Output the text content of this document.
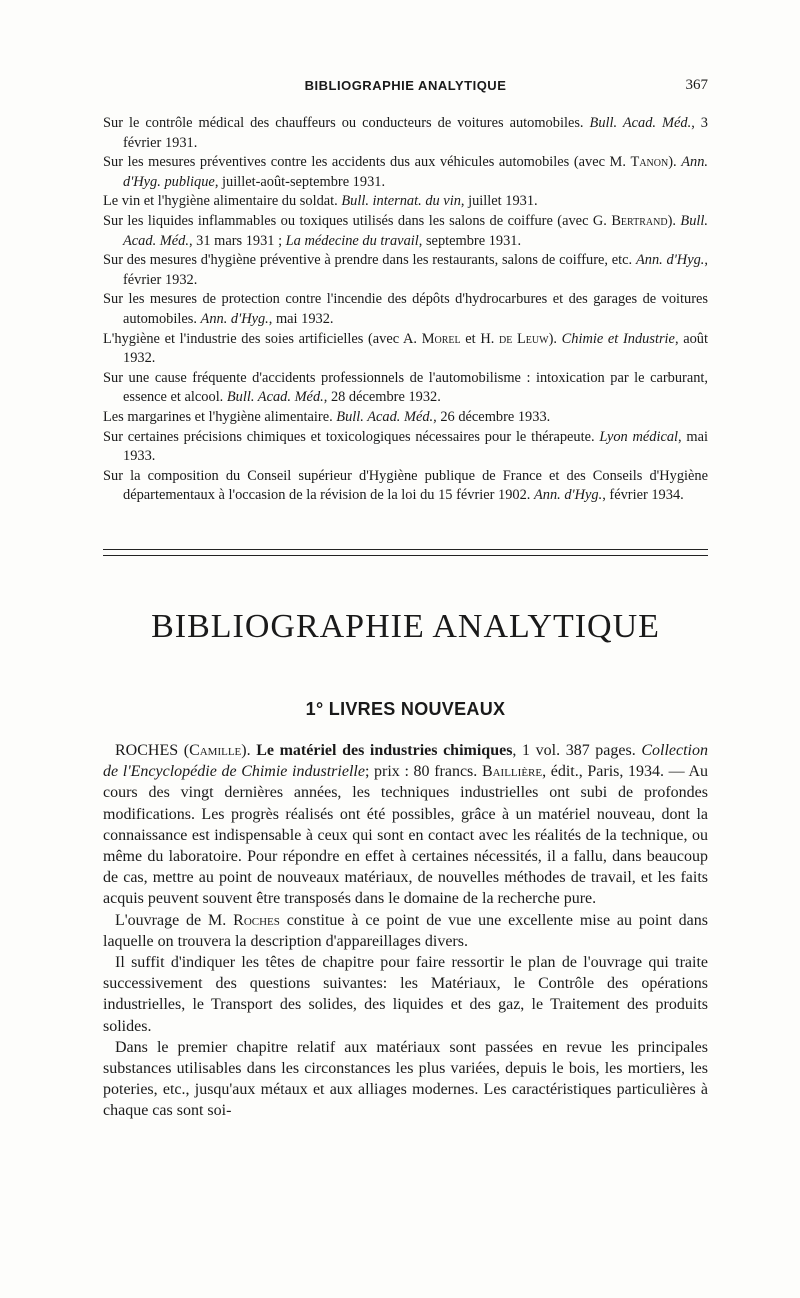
BIBLIOGRAPHIE ANALYTIQUE	367

Sur le contrôle médical des chauffeurs ou conducteurs de voitures automobiles. Bull. Acad. Méd., 3 février 1931.

Sur les mesures préventives contre les accidents dus aux véhicules automobiles (avec M. Tanon). Ann. d'Hyg. publique, juillet-août-septembre 1931.

Le vin et l'hygiène alimentaire du soldat. Bull. internat. du vin, juillet 1931.

Sur les liquides inflammables ou toxiques utilisés dans les salons de coiffure (avec G. Bertrand). Bull. Acad. Méd., 31 mars 1931 ; La médecine du travail, septembre 1931.

Sur des mesures d'hygiène préventive à prendre dans les restaurants, salons de coiffure, etc. Ann. d'Hyg., février 1932.

Sur les mesures de protection contre l'incendie des dépôts d'hydrocarbures et des garages de voitures automobiles. Ann. d'Hyg., mai 1932.

L'hygiène et l'industrie des soies artificielles (avec A. Morel et H. de Leuw). Chimie et Industrie, août 1932.

Sur une cause fréquente d'accidents professionnels de l'automobilisme : intoxication par le carburant, essence et alcool. Bull. Acad. Méd., 28 décembre 1932.

Les margarines et l'hygiène alimentaire. Bull. Acad. Méd., 26 décembre 1933.

Sur certaines précisions chimiques et toxicologiques nécessaires pour le thérapeute. Lyon médical, mai 1933.

Sur la composition du Conseil supérieur d'Hygiène publique de France et des Conseils d'Hygiène départementaux à l'occasion de la révision de la loi du 15 février 1902. Ann. d'Hyg., février 1934.

BIBLIOGRAPHIE ANALYTIQUE
1° LIVRES NOUVEAUX

ROCHES (Camille). Le matériel des industries chimiques, 1 vol. 387 pages. Collection de l'Encyclopédie de Chimie industrielle; prix : 80 francs. Baillière, édit., Paris, 1934. — Au cours des vingt dernières années, les techniques industrielles ont subi de profondes modifications. Les progrès réalisés ont été possibles, grâce à un matériel nouveau, dont la connaissance est indispensable à ceux qui sont en contact avec les réalités de la technique, ou même du laboratoire. Pour répondre en effet à certaines nécessités, il a fallu, dans beaucoup de cas, mettre au point de nouveaux matériaux, de nouvelles méthodes de travail, et les faits acquis peuvent souvent être transposés dans le domaine de la recherche pure.

L'ouvrage de M. Roches constitue à ce point de vue une excellente mise au point dans laquelle on trouvera la description d'appareillages divers.

Il suffit d'indiquer les têtes de chapitre pour faire ressortir le plan de l'ouvrage qui traite successivement des questions suivantes: les Matériaux, le Contrôle des opérations industrielles, le Transport des solides, des liquides et des gaz, le Traitement des produits solides.

Dans le premier chapitre relatif aux matériaux sont passées en revue les principales substances utilisables dans les circonstances les plus variées, depuis le bois, les mortiers, les poteries, etc., jusqu'aux métaux et aux alliages modernes. Les caractéristiques particulières à chaque cas sont soi-
